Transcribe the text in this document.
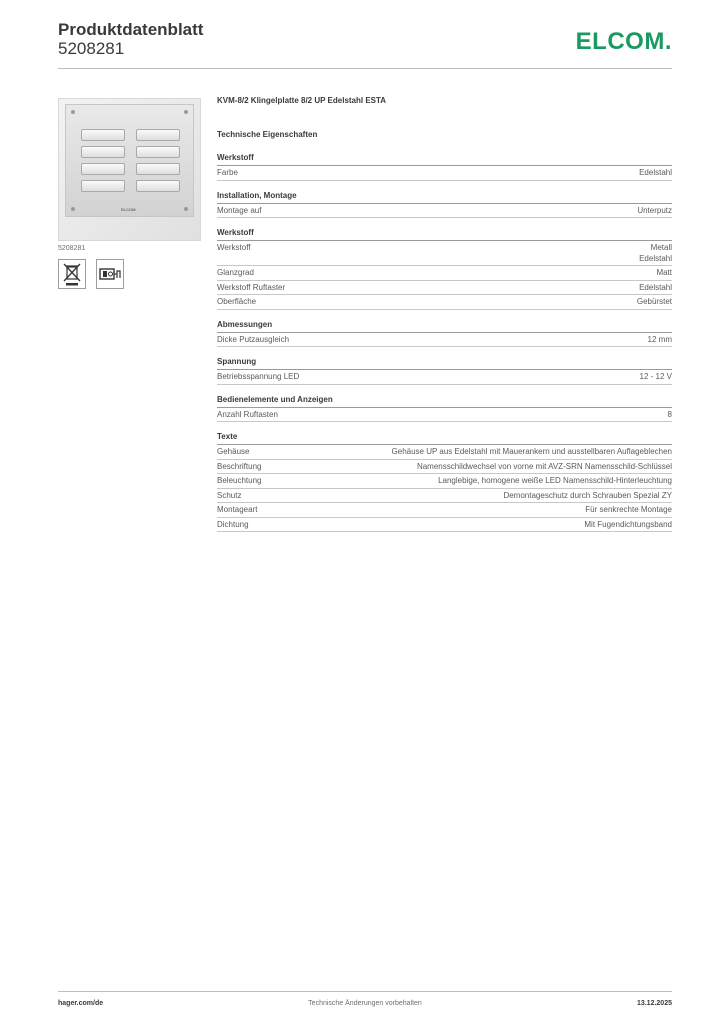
Produktdatenblatt
5208281	ELCOM.
ELCOM.
5208281
KVM-8/2 Klingelplatte 8/2 UP Edelstahl ESTA
Technische Eigenschaften
Werkstoff
Farbe	Edelstahl
Installation, Montage
Montage auf	Unterputz
Werkstoff
Werkstoff	Metall
Edelstahl
Glanzgrad	Matt
Werkstoff Ruftaster	Edelstahl
Oberfläche	Gebürstet
Abmessungen
Dicke Putzausgleich	12 mm
Spannung
Betriebsspannung LED	12 - 12 V
Bedienelemente und Anzeigen
Anzahl Ruftasten	8
Texte
Gehäuse	Gehäuse UP aus Edelstahl mit Mauerankern und ausstellbaren Auflageblechen
Beschriftung	Namensschildwechsel von vorne mit AVZ-SRN Namensschild-Schlüssel
Beleuchtung	Langlebige, homogene weiße LED Namensschild-Hinterleuchtung
Schutz	Demontageschutz durch Schrauben Spezial ZY
Montageart	Für senkrechte Montage
Dichtung	Mit Fugendichtungsband
hager.com/de	Technische Änderungen vorbehalten	13.12.2025
